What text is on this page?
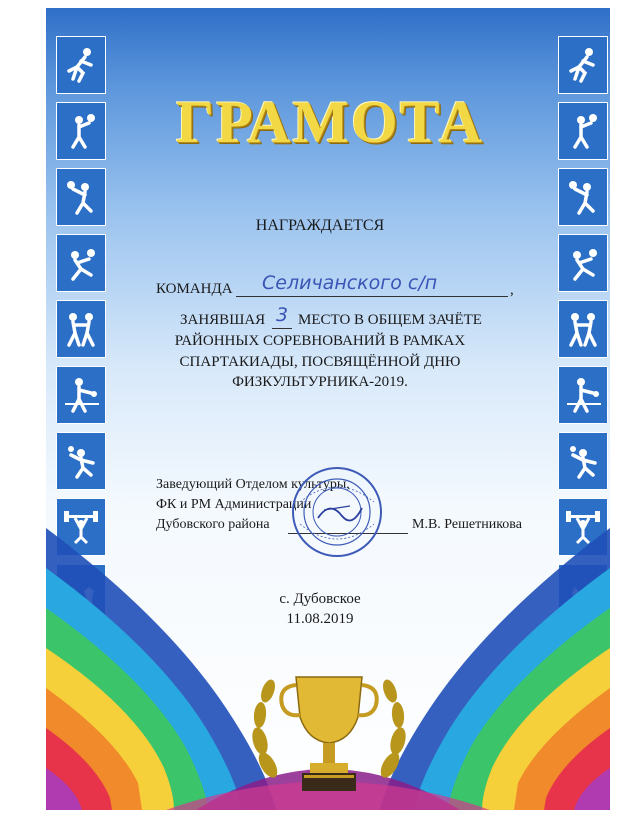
ГРАМОТА
НАГРАЖДАЕТСЯ
КОМАНДА Селичанского с/п	,
ЗАНЯВШАЯ 3 МЕСТО В ОБЩЕМ ЗАЧЁТЕ
РАЙОННЫХ СОРЕВНОВАНИЙ В РАМКАХ
СПАРТАКИАДЫ, ПОСВЯЩЁННОЙ ДНЮ
ФИЗКУЛЬТУРНИКА-2019.
Заведующий Отделом культуры,
ФК и РМ Администрации
Дубовского района	М.В. Решетникова
с. Дубовское
11.08.2019
